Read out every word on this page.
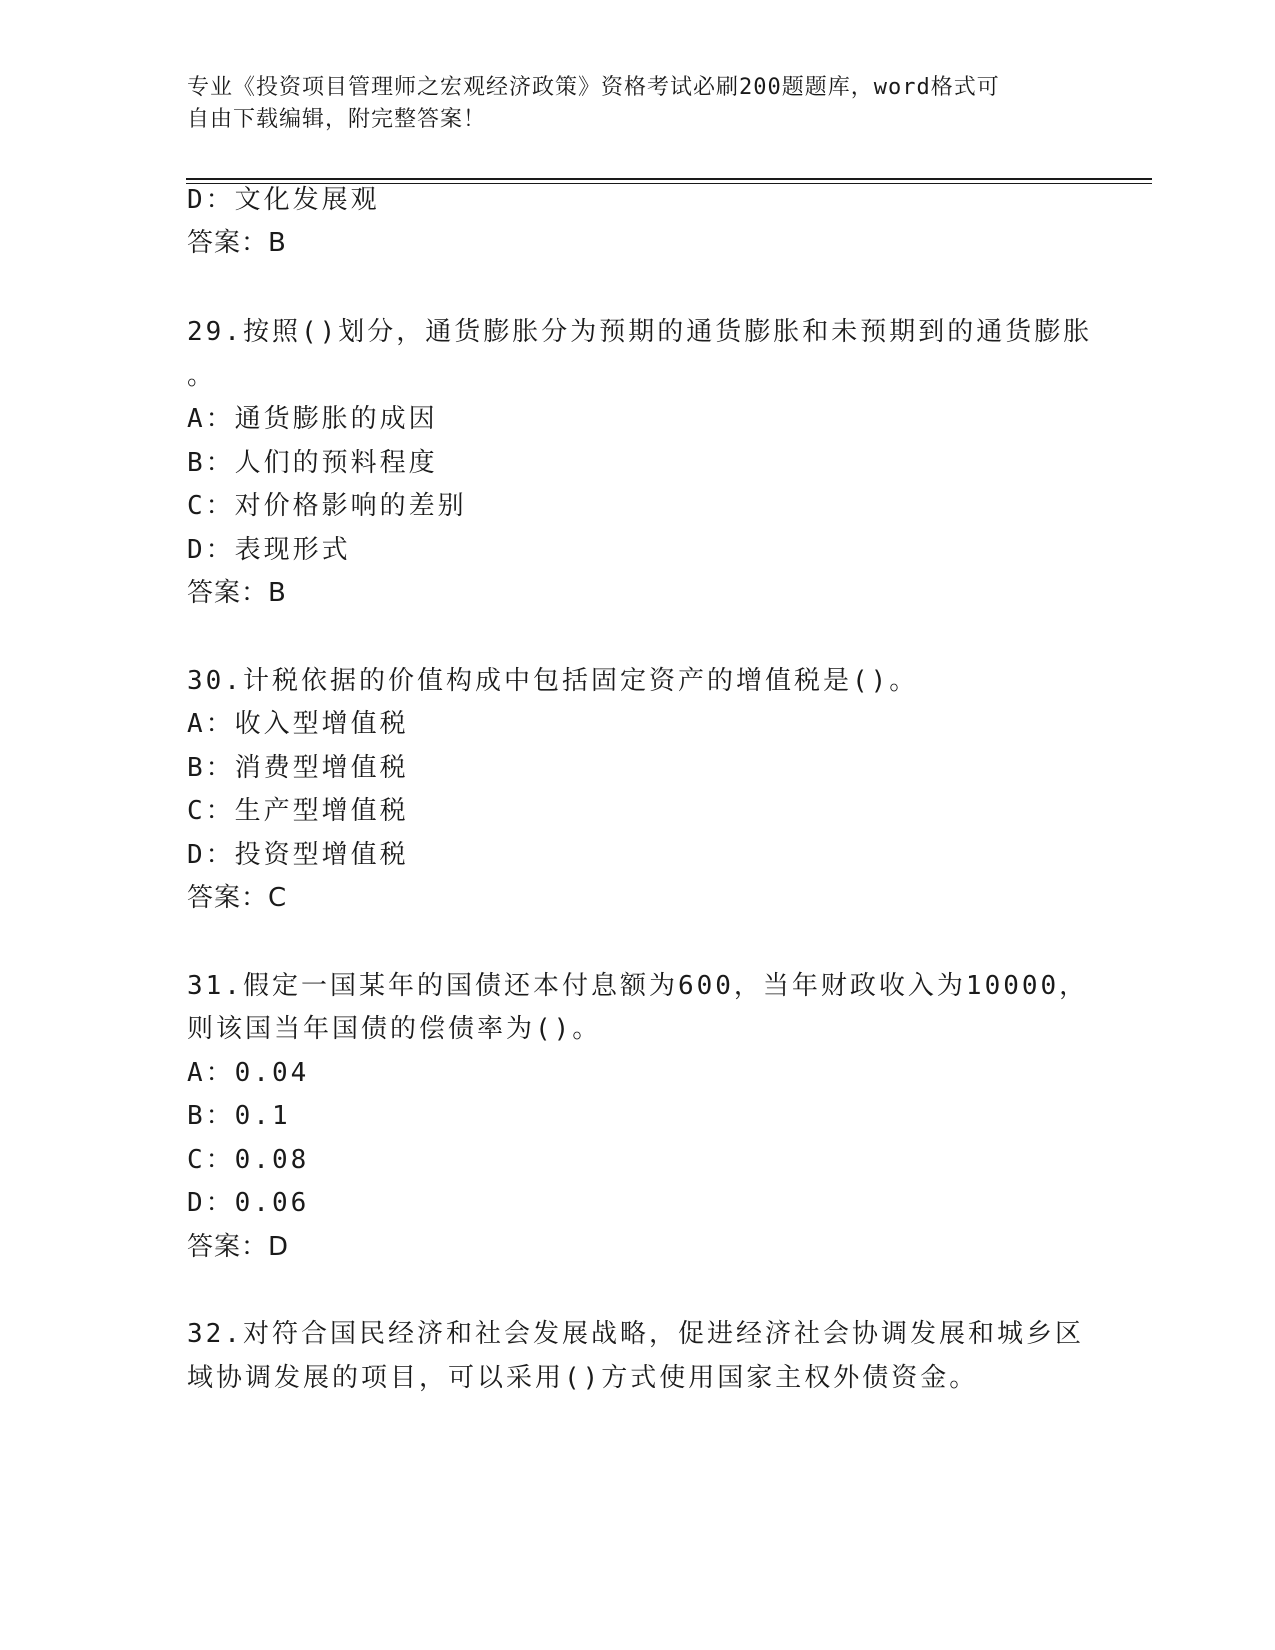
专业《投资项目管理师之宏观经济政策》资格考试必刷200题题库，word格式可
自由下载编辑，附完整答案！
D：文化发展观
答案：B
29.按照()划分，通货膨胀分为预期的通货膨胀和未预期到的通货膨胀
。
A：通货膨胀的成因
B：人们的预料程度
C：对价格影响的差别
D：表现形式
答案：B
30.计税依据的价值构成中包括固定资产的增值税是()。
A：收入型增值税
B：消费型增值税
C：生产型增值税
D：投资型增值税
答案：C
31.假定一国某年的国债还本付息额为600，当年财政收入为10000，
则该国当年国债的偿债率为()。
A：0.04
B：0.1
C：0.08
D：0.06
答案：D
32.对符合国民经济和社会发展战略，促进经济社会协调发展和城乡区
域协调发展的项目，可以采用()方式使用国家主权外债资金。
